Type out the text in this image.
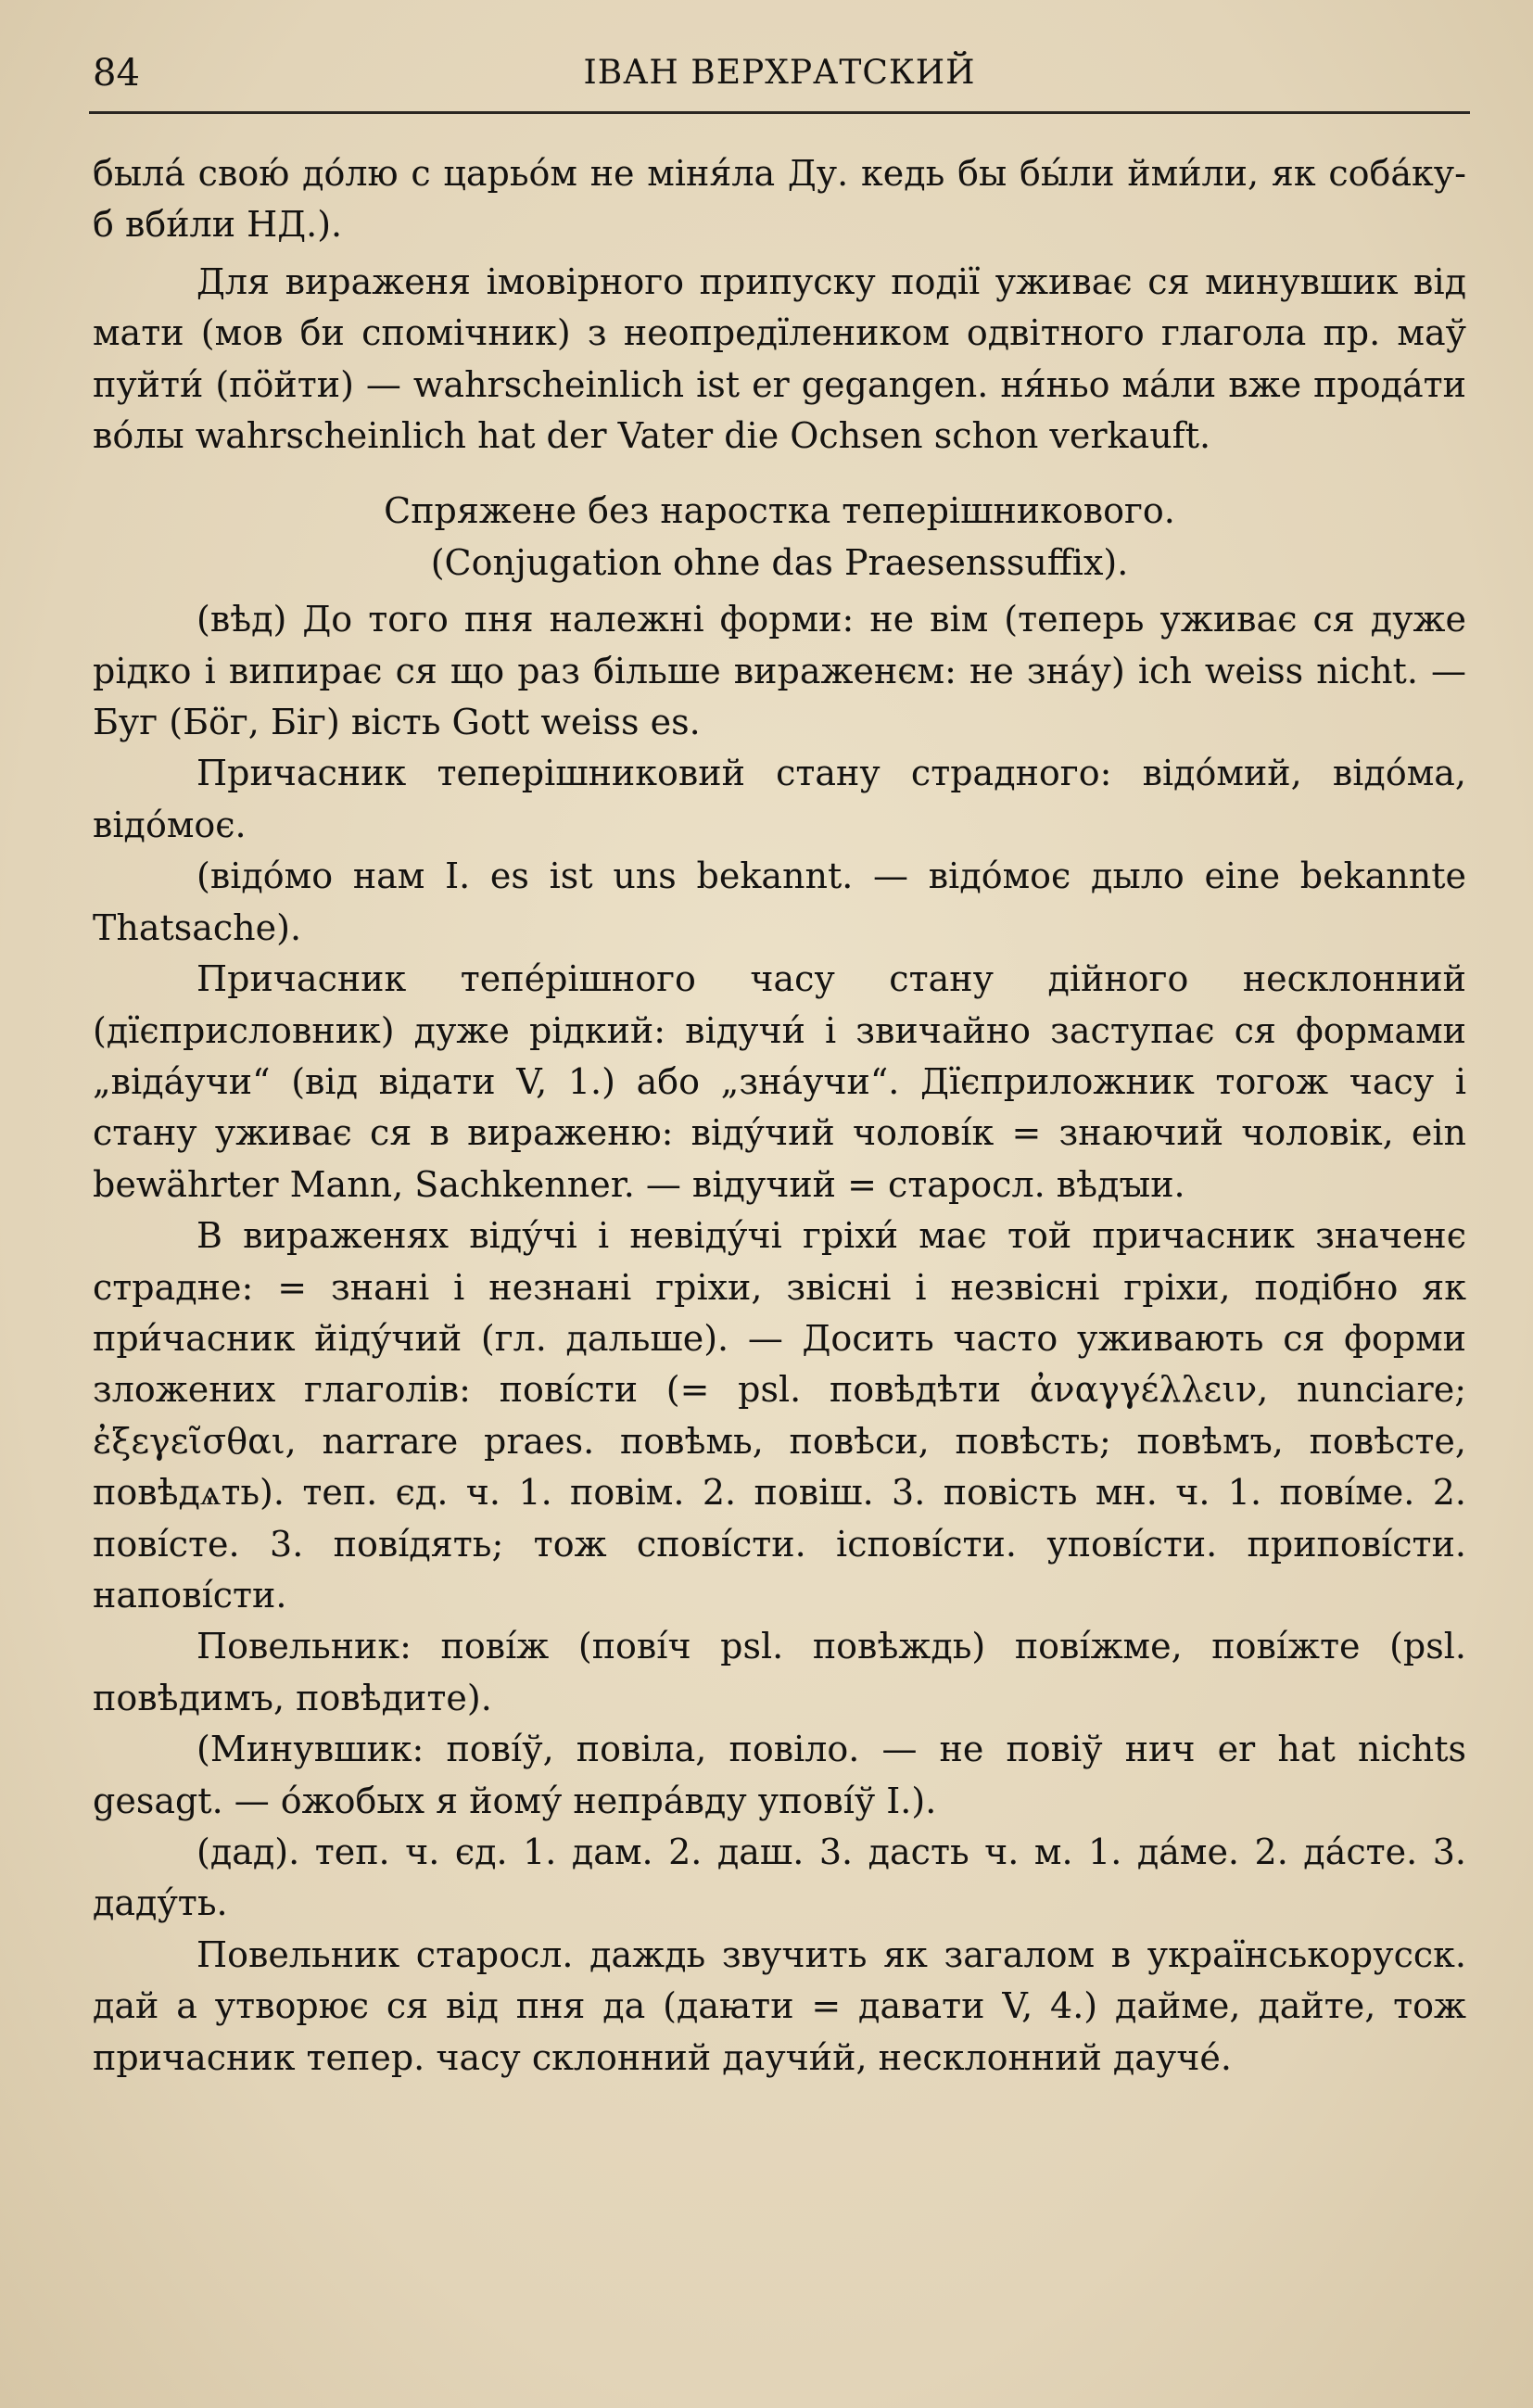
84	ІВАН ВЕРХРАТСКИЙ

была́ свою́ до́лю с царьо́м не міня́ла Ду. кедь бы бы́ли йми́ли, як соба́ку-б вби́ли НД.).

Для вираженя імовірного припуску події уживає ся минувшик від мати (мов би спомічник) з неопредїлеником одвітного глагола пр. маў пуйти́ (пöйти) — wahrscheinlich ist er gegangen. ня́ньо ма́ли вже прода́ти во́лы wahrscheinlich hat der Vater die Ochsen schon verkauft.

Спряжене без наростка теперішникового.

(Conjugation ohne das Praesenssuffix).

(вѣд) До того пня належні форми: не вім (теперь уживає ся дуже рідко і випирає ся що раз більше вираженєм: не зна́у) ich weiss nicht. — Буг (Бöг, Біг) вість Gott weiss es.

Причасник теперішниковий стану страдного: відо́мий, відо́ма, відо́моє.

(відо́мо нам I. es ist uns bekannt. — відо́моє дыло eine bekannte Thatsache).

Причасник тепе́рішного часу стану дійного несклонний (дїєприсловник) дуже рідкий: відучи́ і звичайно заступає ся формами „віда́учи“ (від відати V, 1.) або „зна́учи“. Дїєприложник тогож часу і стану уживає ся в вираженю: віду́чий чолові́к = знаючий чоловік, ein bewährter Mann, Sachkenner. — відучий = старосл. вѣдꙑи.

В вираженях віду́чі і невіду́чі гріхи́ має той причасник значенє страдне: = знані і незнані гріхи, звісні і незвісні гріхи, подібно як при́часник йіду́чий (гл. дальше). — Досить часто уживають ся форми зложених глаголів: пові́сти (= psl. повѣдѣти ἀναγγέλλειν, nunciare; ἐξεγεῖσθαι, narrare praes. повѣмь, повѣси, повѣсть; повѣмъ, повѣсте, повѣдѧть). теп. єд. ч. 1. повім. 2. повіш. 3. повість мн. ч. 1. пові́ме. 2. пові́сте. 3. пові́дять; тож спові́сти. іспові́сти. упові́сти. припові́сти. напові́сти.

Повельник: пові́ж (пові́ч psl. повѣждь) пові́жме, пові́жте (psl. повѣдимъ, повѣдите).

(Минувшик: пові́ў, повіла, повіло. — не повіў нич er hat nichts gesagt. — о́жобых я йому́ непра́вду упові́ў I.).

(дад). теп. ч. єд. 1. дам. 2. даш. 3. дасть ч. м. 1. да́ме. 2. да́сте. 3. даду́ть.

Повельник старосл. даждь звучить як загалом в українськорусск. дай а утворює ся від пня да (даꙗти = давати V, 4.) дайме, дайте, тож причасник тепер. часу склонний даучи́й, несклонний дауче́.
